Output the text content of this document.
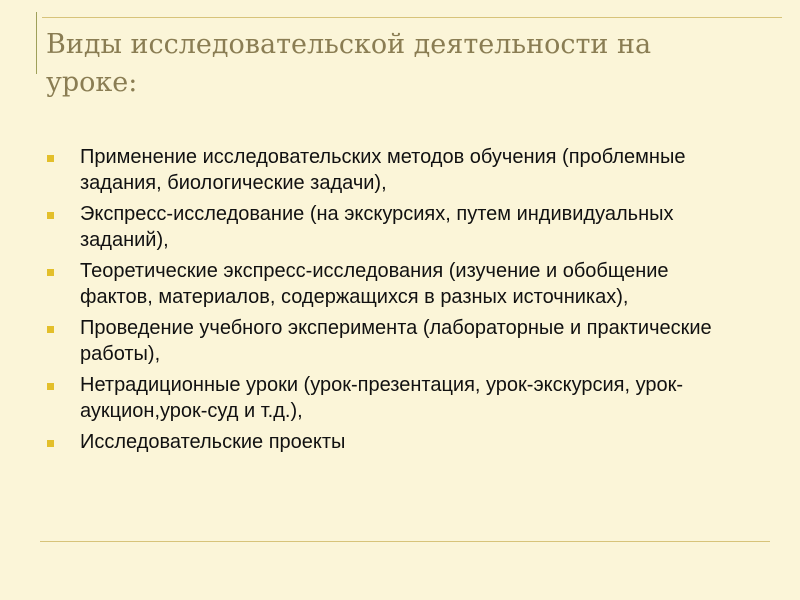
Виды исследовательской деятельности на уроке:
Применение исследовательских методов обучения (проблемные задания, биологические задачи),
Экспресс-исследование (на экскурсиях, путем индивидуальных заданий),
Теоретические экспресс-исследования (изучение и обобщение фактов, материалов, содержащихся в разных источниках),
Проведение учебного эксперимента (лабораторные и практические работы),
Нетрадиционные уроки (урок-презентация, урок-экскурсия, урок-аукцион,урок-суд и т.д.),
Исследовательские проекты
